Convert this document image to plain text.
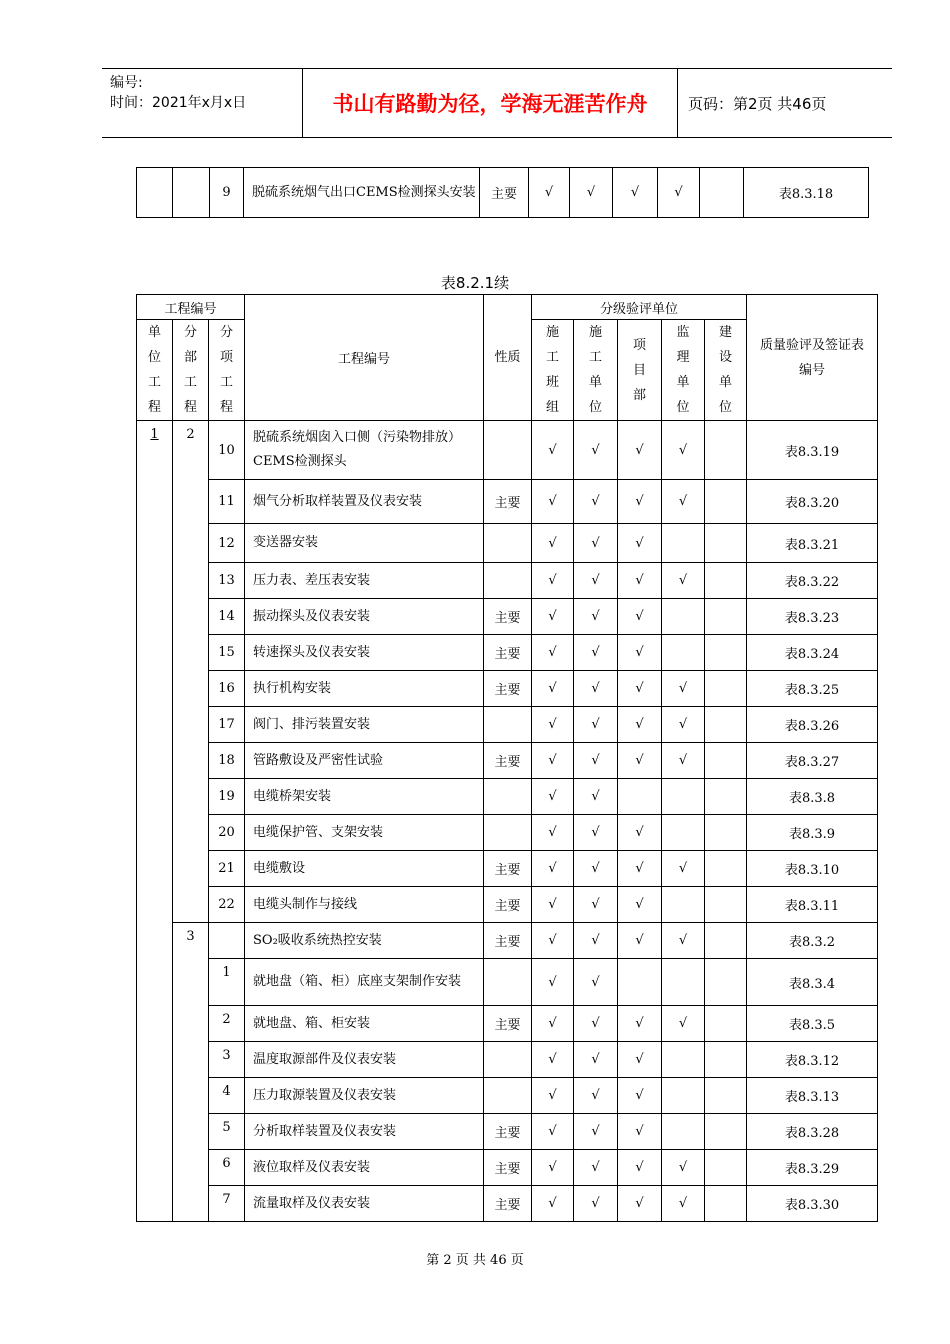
编号:
时间：2021年x月x日	书山有路勤为径，学海无涯苦作舟	页码：第2页 共46页
		9	脱硫系统烟气出口CEMS检测探头安装	主要	√	√	√	√		表8.3.18
表8.2.1续
工程编号			工程编号	性质	分级验评单位					质量验评及签证表编号
单位工程	分部工程	分项工程			施工班组	施工单位	项目部	监理单位	建设单位	
1	2	10	脱硫系统烟囱入口侧（污染物排放）CEMS检测探头		√	√	√	√		表8.3.19
		11	烟气分析取样装置及仪表安装	主要	√	√	√	√		表8.3.20
		12	变送器安装		√	√	√			表8.3.21
		13	压力表、差压表安装		√	√	√	√		表8.3.22
		14	振动探头及仪表安装	主要	√	√	√			表8.3.23
		15	转速探头及仪表安装	主要	√	√	√			表8.3.24
		16	执行机构安装	主要	√	√	√	√		表8.3.25
		17	阀门、排污装置安装		√	√	√	√		表8.3.26
		18	管路敷设及严密性试验	主要	√	√	√	√		表8.3.27
		19	电缆桥架安装		√	√				表8.3.8
		20	电缆保护管、支架安装		√	√	√			表8.3.9
		21	电缆敷设	主要	√	√	√	√		表8.3.10
		22	电缆头制作与接线	主要	√	√	√			表8.3.11
	3		SO₂吸收系统热控安装	主要	√	√	√	√		表8.3.2
		1	就地盘（箱、柜）底座支架制作安装		√	√				表8.3.4
		2	就地盘、箱、柜安装	主要	√	√	√	√		表8.3.5
		3	温度取源部件及仪表安装		√	√	√			表8.3.12
		4	压力取源装置及仪表安装		√	√	√			表8.3.13
		5	分析取样装置及仪表安装	主要	√	√	√			表8.3.28
		6	液位取样及仪表安装	主要	√	√	√	√		表8.3.29
		7	流量取样及仪表安装	主要	√	√	√	√		表8.3.30
第 2 页 共 46 页
